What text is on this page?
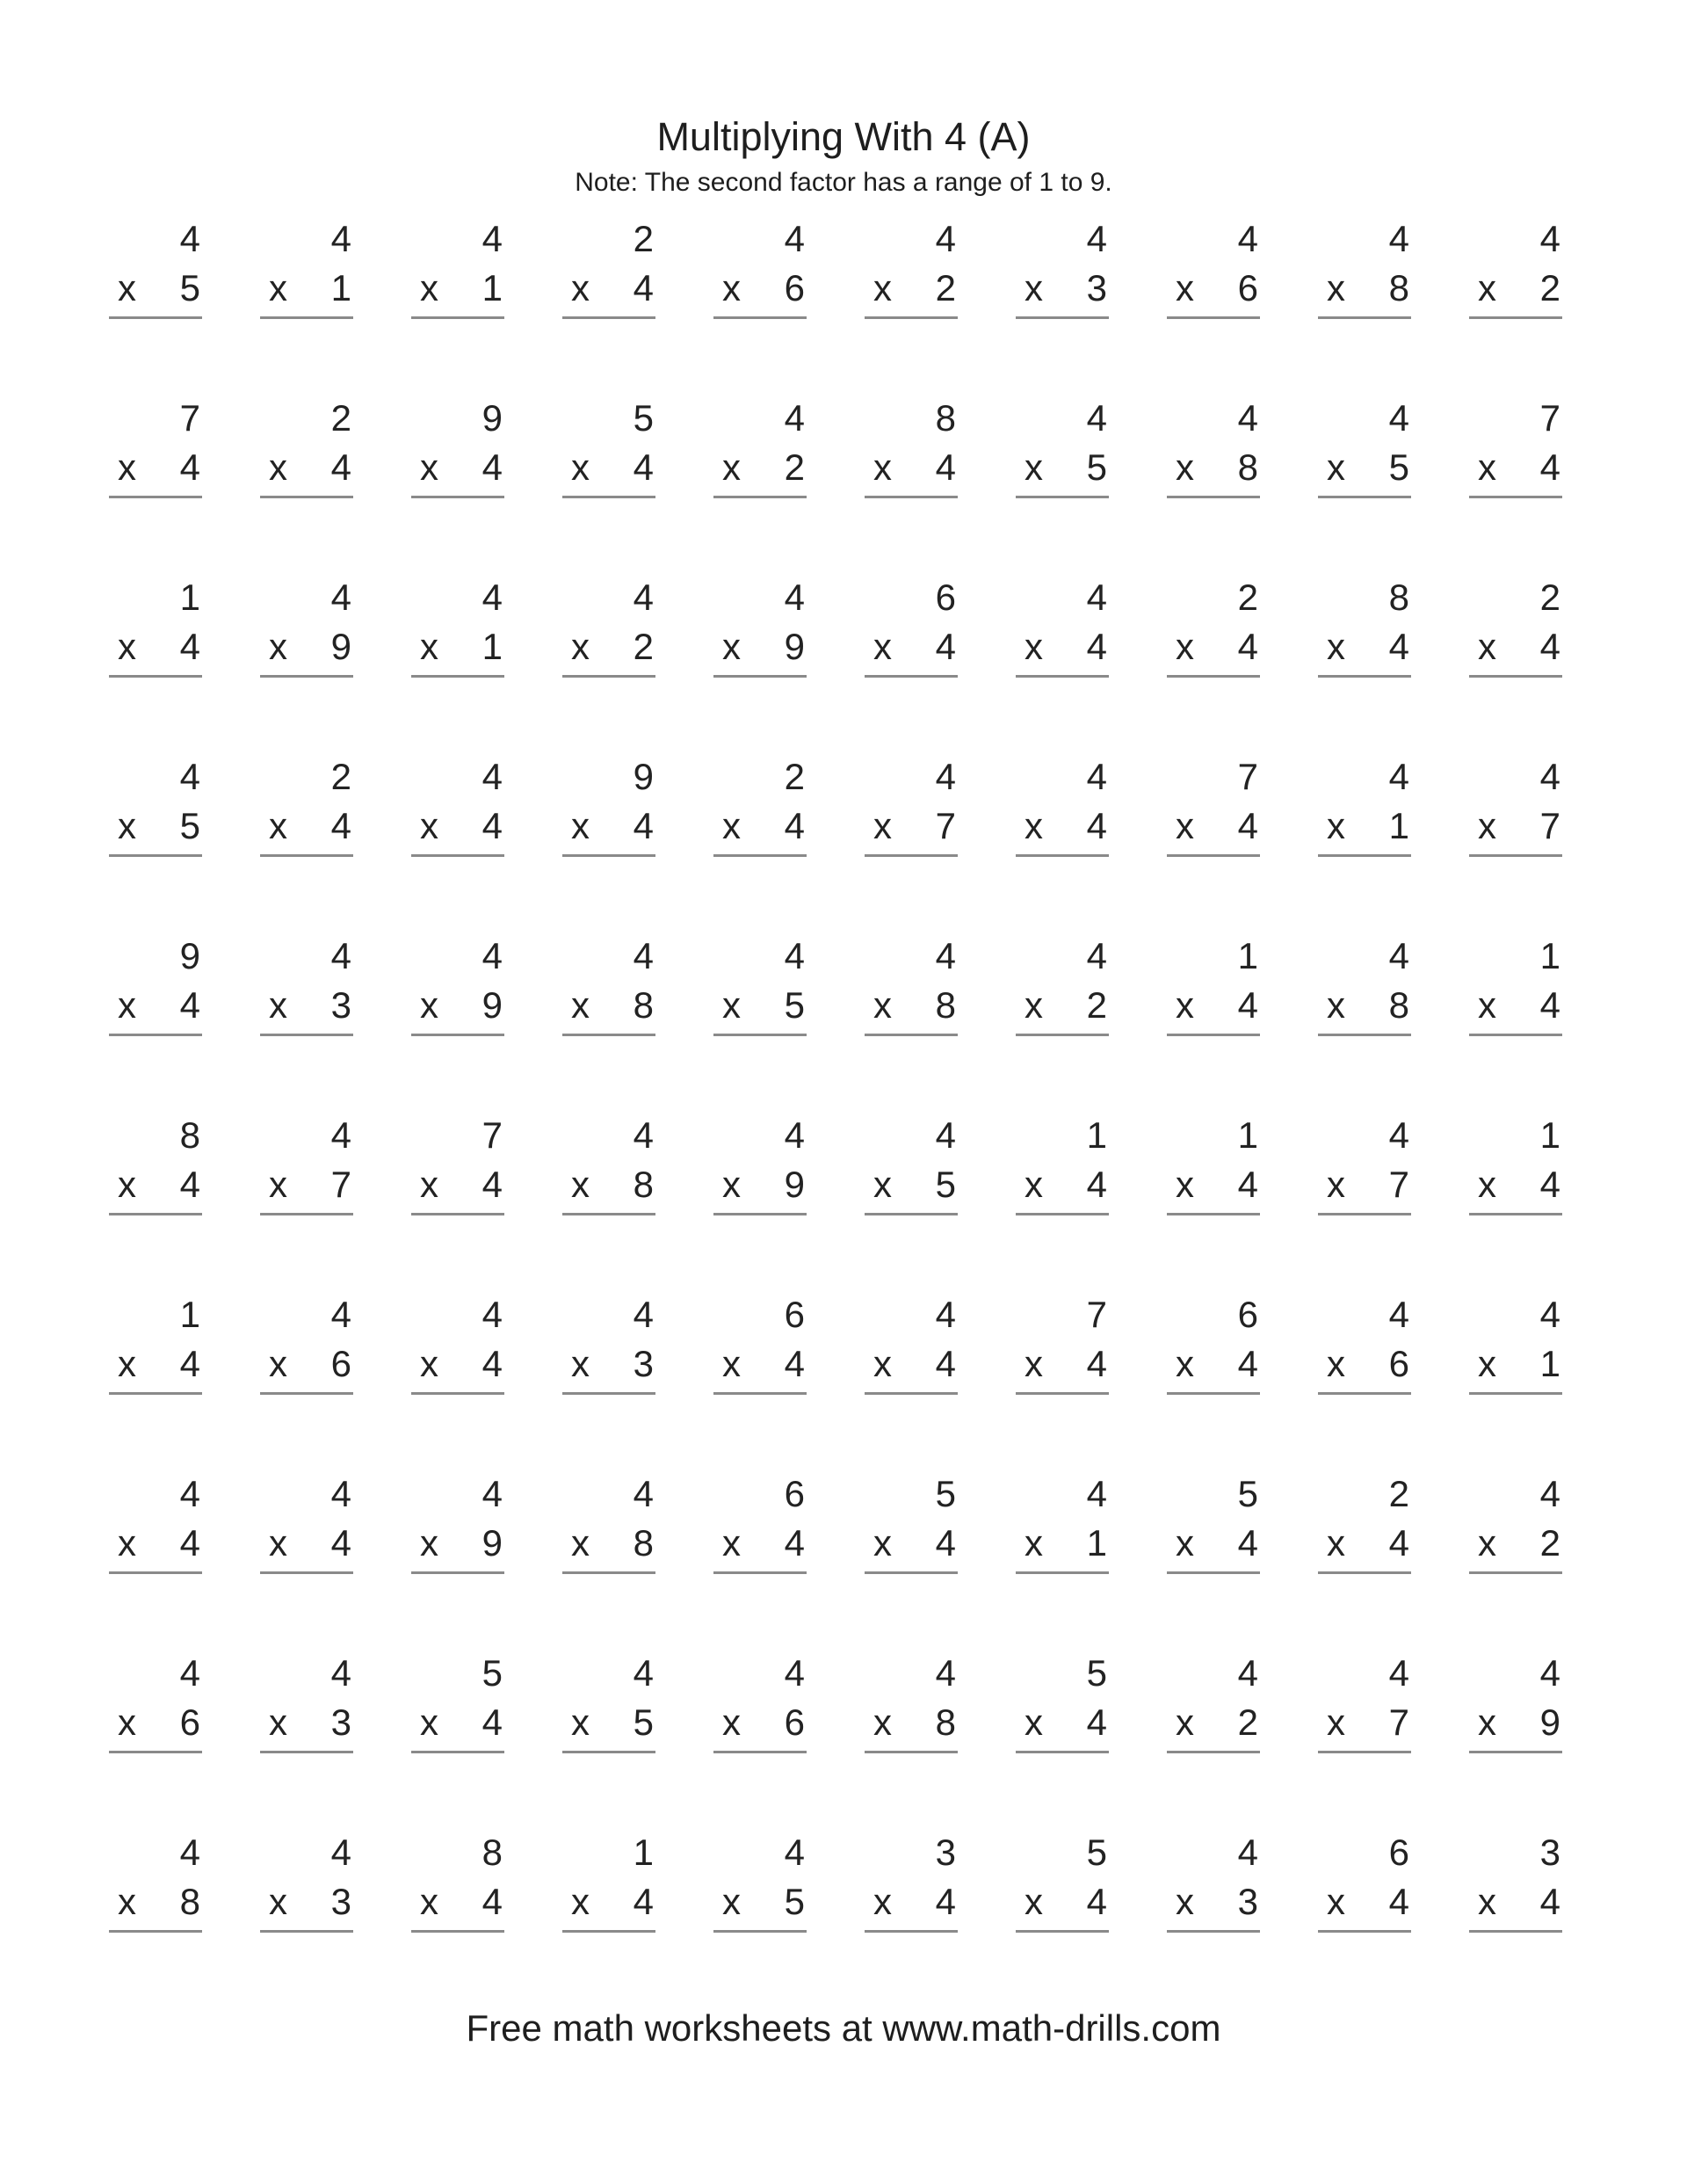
Multiplying With 4 (A)
Note: The second factor has a range of 1 to 9.
4
x 5
4
x 1
4
x 1
2
x 4
4
x 6
4
x 2
4
x 3
4
x 6
4
x 8
4
x 2
7
x 4
2
x 4
9
x 4
5
x 4
4
x 2
8
x 4
4
x 5
4
x 8
4
x 5
7
x 4
1
x 4
4
x 9
4
x 1
4
x 2
4
x 9
6
x 4
4
x 4
2
x 4
8
x 4
2
x 4
4
x 5
2
x 4
4
x 4
9
x 4
2
x 4
4
x 7
4
x 4
7
x 4
4
x 1
4
x 7
9
x 4
4
x 3
4
x 9
4
x 8
4
x 5
4
x 8
4
x 2
1
x 4
4
x 8
1
x 4
8
x 4
4
x 7
7
x 4
4
x 8
4
x 9
4
x 5
1
x 4
1
x 4
4
x 7
1
x 4
1
x 4
4
x 6
4
x 4
4
x 3
6
x 4
4
x 4
7
x 4
6
x 4
4
x 6
4
x 1
4
x 4
4
x 4
4
x 9
4
x 8
6
x 4
5
x 4
4
x 1
5
x 4
2
x 4
4
x 2
4
x 6
4
x 3
5
x 4
4
x 5
4
x 6
4
x 8
5
x 4
4
x 2
4
x 7
4
x 9
4
x 8
4
x 3
8
x 4
1
x 4
4
x 5
3
x 4
5
x 4
4
x 3
6
x 4
3
x 4
Free math worksheets at www.math-drills.com
